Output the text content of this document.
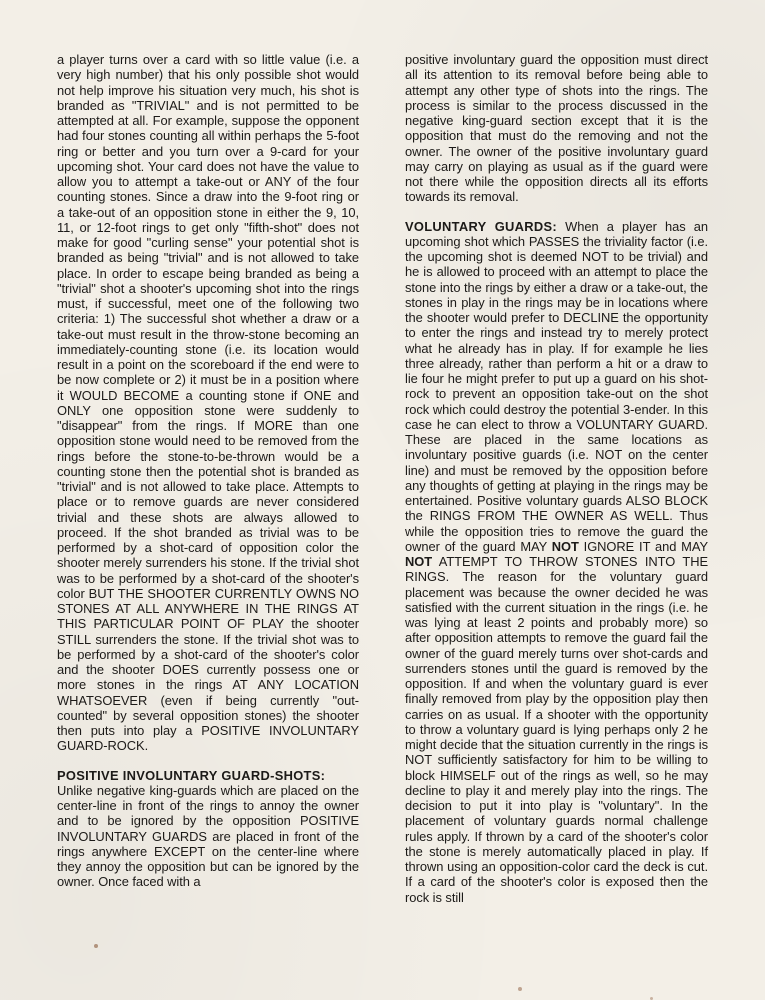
a player turns over a card with so little value (i.e. a very high number) that his only possible shot would not help improve his situation very much, his shot is branded as "TRIVIAL" and is not permitted to be attempted at all. For example, suppose the opponent had four stones counting all within perhaps the 5-foot ring or better and you turn over a 9-card for your upcoming shot. Your card does not have the value to allow you to attempt a take-out or ANY of the four counting stones. Since a draw into the 9-foot ring or a take-out of an opposition stone in either the 9, 10, 11, or 12-foot rings to get only "fifth-shot" does not make for good "curling sense" your potential shot is branded as being "trivial" and is not allowed to take place. In order to escape being branded as being a "trivial" shot a shooter's upcoming shot into the rings must, if successful, meet one of the following two criteria: 1) The successful shot whether a draw or a take-out must result in the throw-stone becoming an immediately-counting stone (i.e. its location would result in a point on the scoreboard if the end were to be now complete or 2) it must be in a position where it WOULD BECOME a counting stone if ONE and ONLY one opposition stone were suddenly to "disappear" from the rings. If MORE than one opposition stone would need to be removed from the rings before the stone-to-be-thrown would be a counting stone then the potential shot is branded as "trivial" and is not allowed to take place. Attempts to place or to remove guards are never considered trivial and these shots are always allowed to proceed. If the shot branded as trivial was to be performed by a shot-card of opposition color the shooter merely surrenders his stone. If the trivial shot was to be performed by a shot-card of the shooter's color BUT THE SHOOTER CURRENTLY OWNS NO STONES AT ALL ANYWHERE IN THE RINGS AT THIS PARTICULAR POINT OF PLAY the shooter STILL surrenders the stone. If the trivial shot was to be performed by a shot-card of the shooter's color and the shooter DOES currently possess one or more stones in the rings AT ANY LOCATION WHATSOEVER (even if being currently "out-counted" by several opposition stones) the shooter then puts into play a POSITIVE INVOLUNTARY GUARD-ROCK.

POSITIVE INVOLUNTARY GUARD-SHOTS:
Unlike negative king-guards which are placed on the center-line in front of the rings to annoy the owner and to be ignored by the opposition POSITIVE INVOLUNTARY GUARDS are placed in front of the rings anywhere EXCEPT on the center-line where they annoy the opposition but can be ignored by the owner. Once faced with a

positive involuntary guard the opposition must direct all its attention to its removal before being able to attempt any other type of shots into the rings. The process is similar to the process discussed in the negative king-guard section except that it is the opposition that must do the removing and not the owner. The owner of the positive involuntary guard may carry on playing as usual as if the guard were not there while the opposition directs all its efforts towards its removal.

VOLUNTARY GUARDS: When a player has an upcoming shot which PASSES the triviality factor (i.e. the upcoming shot is deemed NOT to be trivial) and he is allowed to proceed with an attempt to place the stone into the rings by either a draw or a take-out, the stones in play in the rings may be in locations where the shooter would prefer to DECLINE the opportunity to enter the rings and instead try to merely protect what he already has in play. If for example he lies three already, rather than perform a hit or a draw to lie four he might prefer to put up a guard on his shot-rock to prevent an opposition take-out on the shot rock which could destroy the potential 3-ender. In this case he can elect to throw a VOLUNTARY GUARD. These are placed in the same locations as involuntary positive guards (i.e. NOT on the center line) and must be removed by the opposition before any thoughts of getting at playing in the rings may be entertained. Positive voluntary guards ALSO BLOCK the RINGS FROM THE OWNER AS WELL. Thus while the opposition tries to remove the guard the owner of the guard MAY NOT IGNORE IT and MAY NOT ATTEMPT TO THROW STONES INTO THE RINGS. The reason for the voluntary guard placement was because the owner decided he was satisfied with the current situation in the rings (i.e. he was lying at least 2 points and probably more) so after opposition attempts to remove the guard fail the owner of the guard merely turns over shot-cards and surrenders stones until the guard is removed by the opposition. If and when the voluntary guard is ever finally removed from play by the opposition play then carries on as usual. If a shooter with the opportunity to throw a voluntary guard is lying perhaps only 2 he might decide that the situation currently in the rings is NOT sufficiently satisfactory for him to be willing to block HIMSELF out of the rings as well, so he may decline to play it and merely play into the rings. The decision to put it into play is "voluntary". In the placement of voluntary guards normal challenge rules apply. If thrown by a card of the shooter's color the stone is merely automatically placed in play. If thrown using an opposition-color card the deck is cut. If a card of the shooter's color is exposed then the rock is still
